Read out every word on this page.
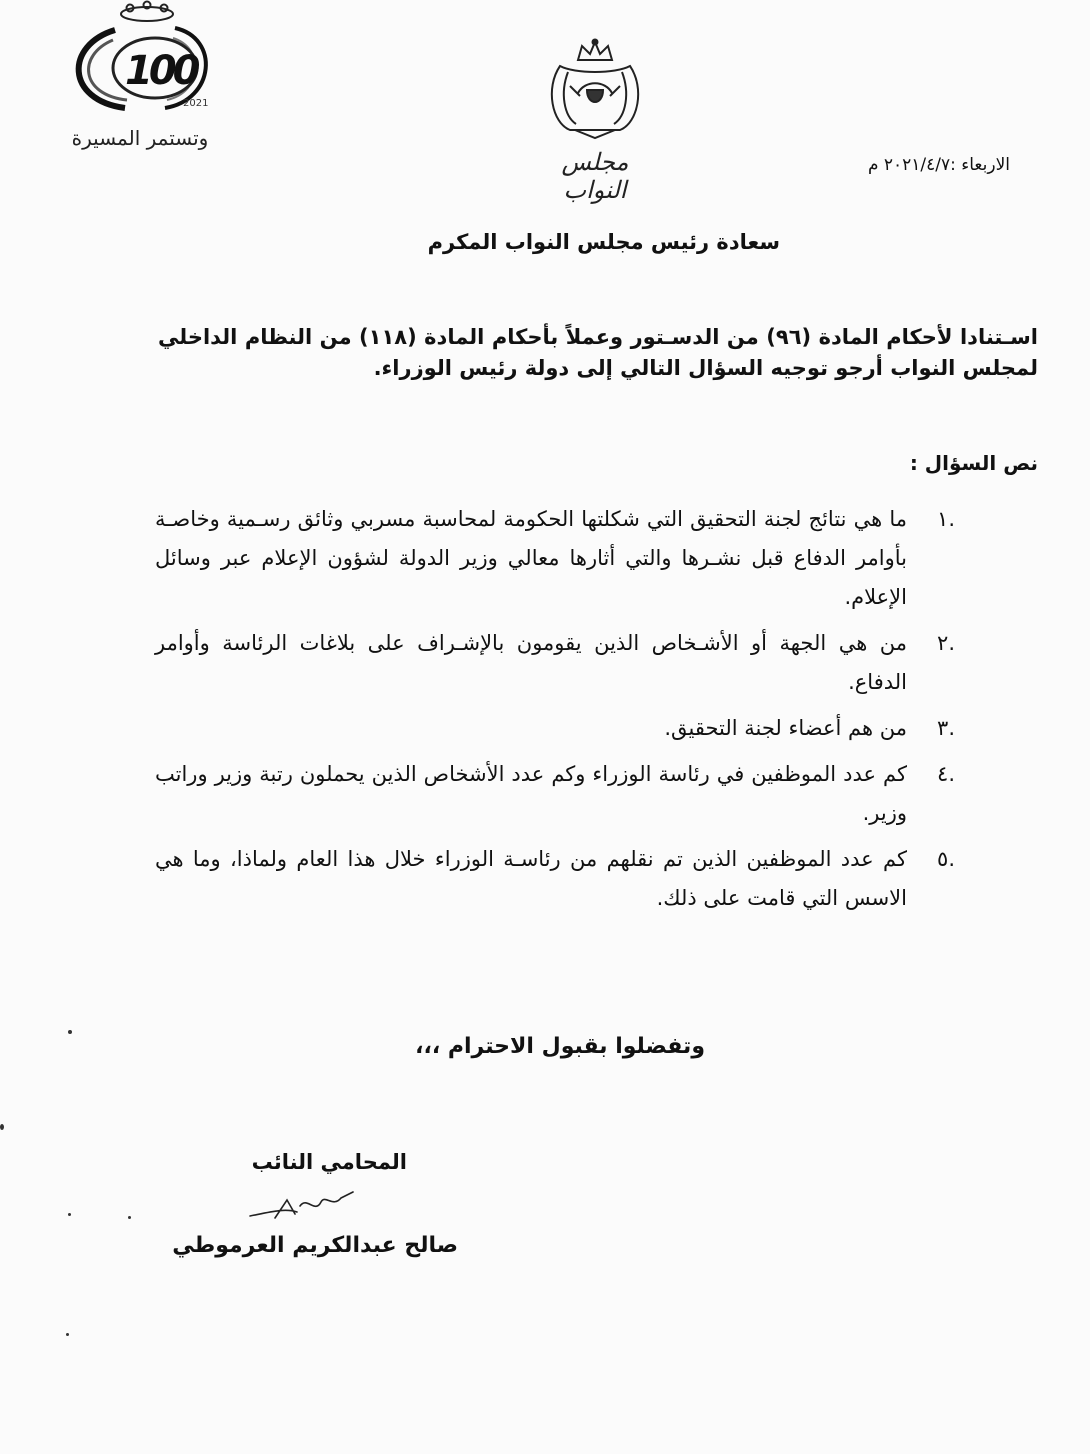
100
2021
وتستمر المسيرة
مجلس النواب
الاربعاء :٢٠٢١/٤/٧ م
سعادة رئيس مجلس النواب المكرم
اسـتنادا لأحكام المادة (٩٦) من الدسـتور وعملاً بأحكام المادة (١١٨) من النظام الداخلي لمجلس النواب أرجو توجيه السؤال التالي إلى دولة رئيس الوزراء.
نص السؤال :
.١
ما هي نتائج لجنة التحقيق التي شكلتها الحكومة لمحاسبة مسربي وثائق رسـمية وخاصـة بأوامر الدفاع قبل نشـرها والتي أثارها معالي وزير الدولة لشؤون الإعلام عبر وسائل الإعلام.
.٢
من هي الجهة أو الأشـخاص الذين يقومون بالإشـراف على بلاغات الرئاسة وأوامر الدفاع.
.٣
من هم أعضاء لجنة التحقيق.
.٤
كم عدد الموظفين في رئاسة الوزراء وكم عدد الأشخاص الذين يحملون رتبة وزير وراتب وزير.
.٥
كم عدد الموظفين الذين تم نقلهم من رئاسـة الوزراء خلال هذا العام ولماذا، وما هي الاسس التي قامت على ذلك.
وتفضلوا بقبول الاحترام ،،،
المحامي النائب
صالح عبدالكريم العرموطي
